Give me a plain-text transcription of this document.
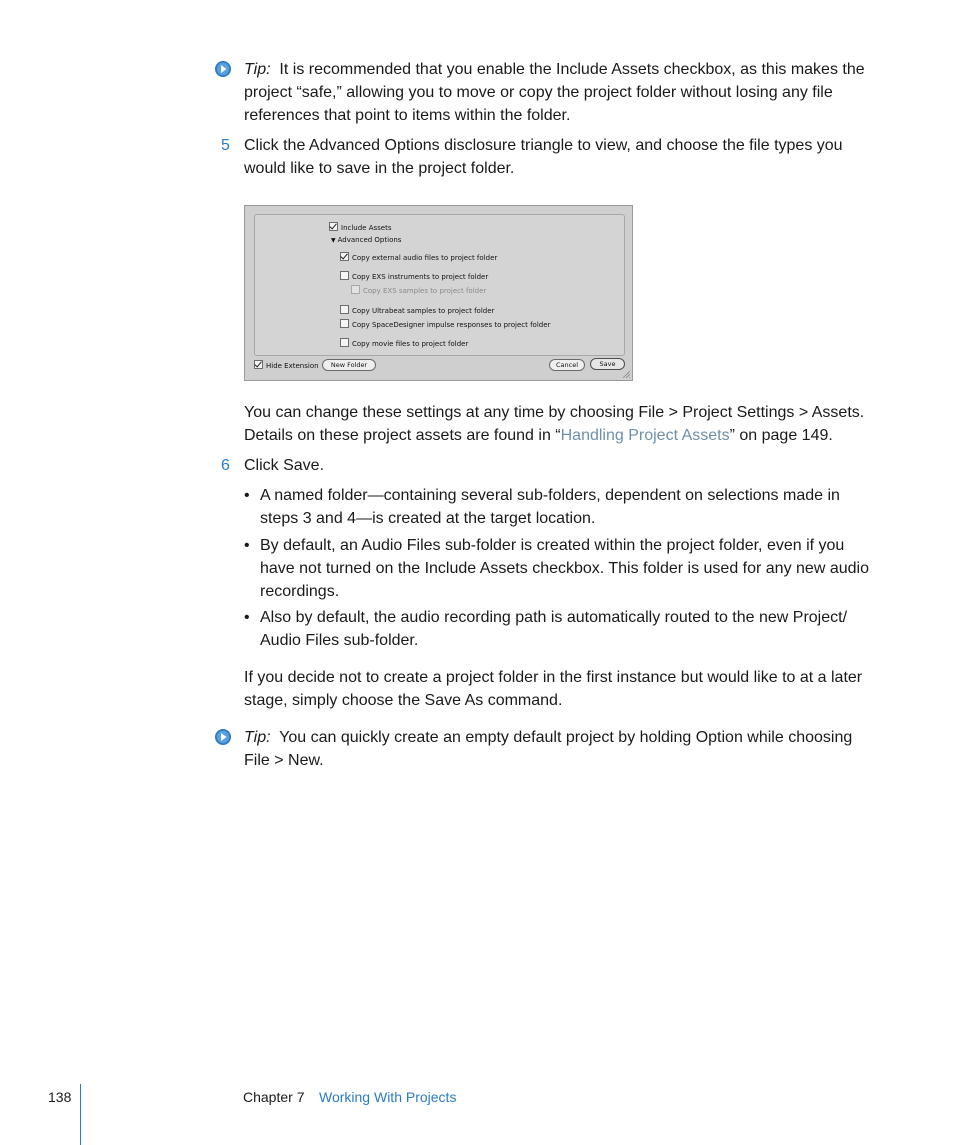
Tip: It is recommended that you enable the Include Assets checkbox, as this makes the project “safe,” allowing you to move or copy the project folder without losing any file references that point to items within the folder.

5 Click the Advanced Options disclosure triangle to view, and choose the file types you would like to save in the project folder.

Include Assets
▼ Advanced Options
Copy external audio files to project folder
Copy EXS instruments to project folder
Copy EXS samples to project folder
Copy Ultrabeat samples to project folder
Copy SpaceDesigner impulse responses to project folder
Copy movie files to project folder
Hide Extension	New Folder	Cancel	Save

You can change these settings at any time by choosing File > Project Settings > Assets. Details on these project assets are found in “Handling Project Assets” on page 149.

6 Click Save.

• A named folder—containing several sub-folders, dependent on selections made in steps 3 and 4—is created at the target location.

• By default, an Audio Files sub-folder is created within the project folder, even if you have not turned on the Include Assets checkbox. This folder is used for any new audio recordings.

• Also by default, the audio recording path is automatically routed to the new Project/ Audio Files sub-folder.

If you decide not to create a project folder in the first instance but would like to at a later stage, simply choose the Save As command.

Tip: You can quickly create an empty default project by holding Option while choosing File > New.

138	Chapter 7 Working With Projects
